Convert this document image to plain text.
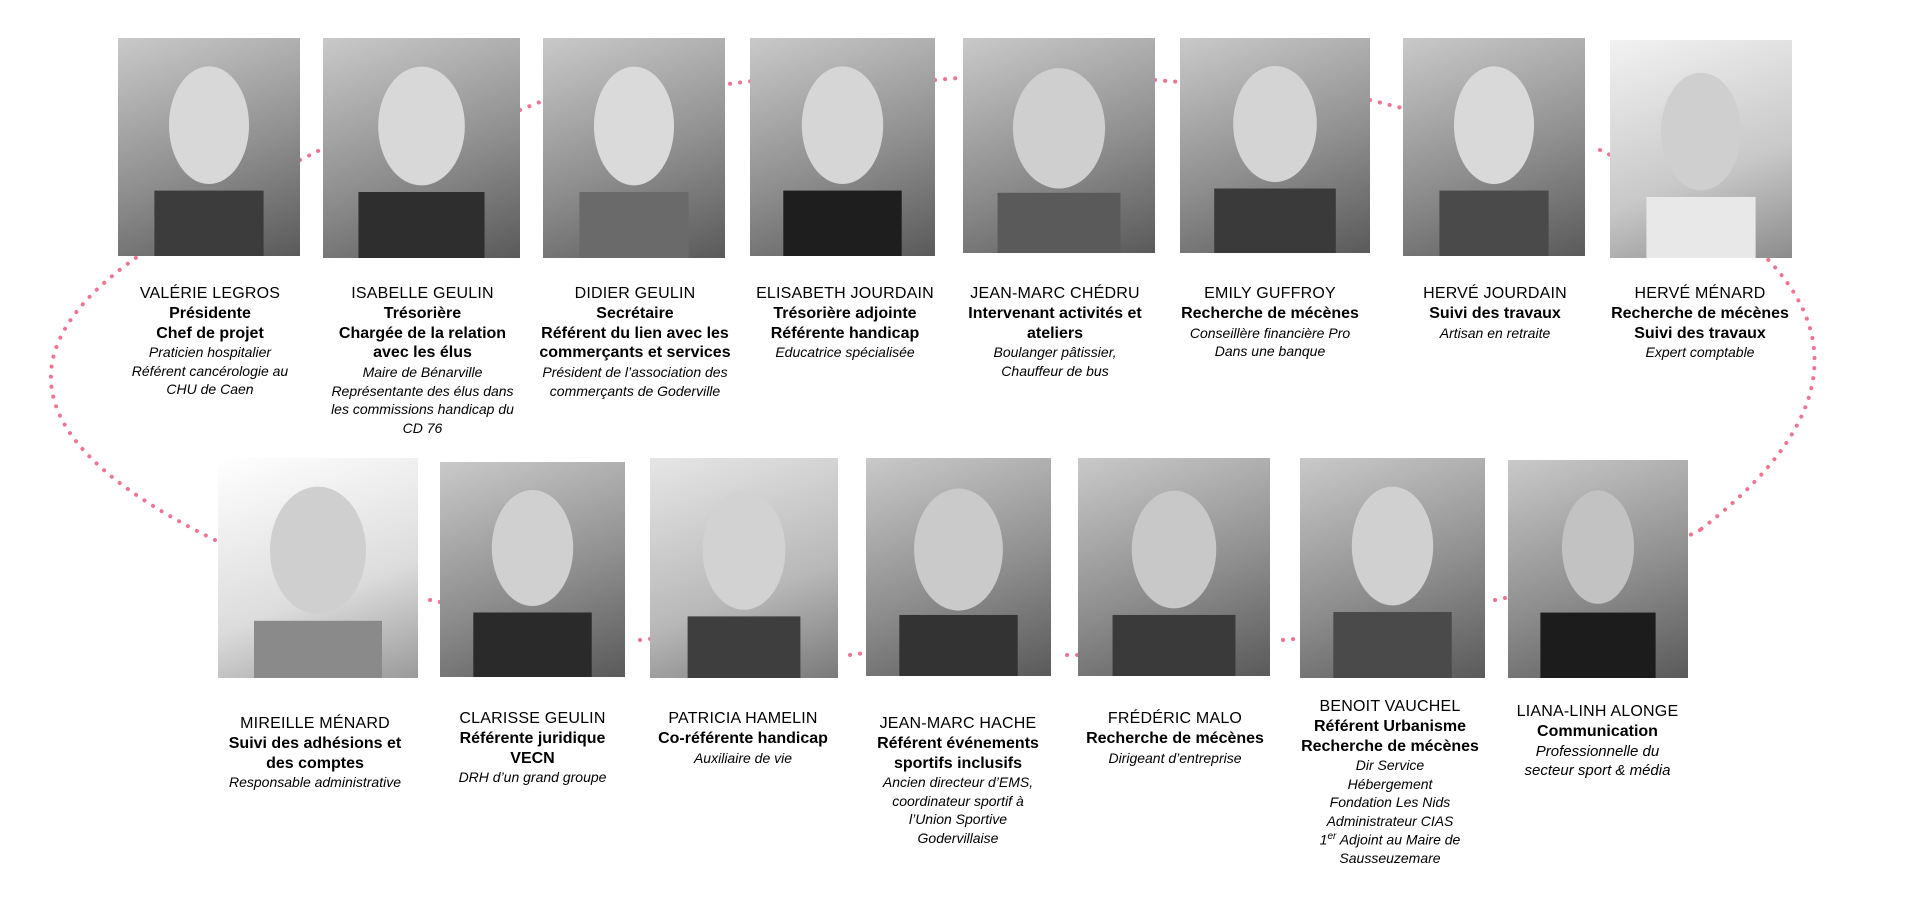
VALÉRIE LEGROS
Présidente
Chef de projet
Praticien hospitalier
Référent cancérologie au
CHU de Caen
ISABELLE GEULIN
Trésorière
Chargée de la relation
avec les élus
Maire de Bénarville
Représentante des élus dans
les commissions handicap du
CD 76
DIDIER GEULIN
Secrétaire
Référent du lien avec les
commerçants et services
Président de l’association des
commerçants de Goderville
ELISABETH JOURDAIN
Trésorière adjointe
Référente handicap
Educatrice spécialisée
JEAN-MARC CHÉDRU
Intervenant activités et
ateliers
Boulanger pâtissier,
Chauffeur de bus
EMILY GUFFROY
Recherche de mécènes
Conseillère financière Pro
Dans une banque
HERVÉ JOURDAIN
Suivi des travaux
Artisan en retraite
HERVÉ MÉNARD
Recherche de mécènes
Suivi des travaux
Expert comptable
MIREILLE MÉNARD
Suivi des adhésions et
des comptes
Responsable administrative
CLARISSE GEULIN
Référente juridique
VECN
DRH d’un grand groupe
PATRICIA HAMELIN
Co-référente handicap
Auxiliaire de vie
JEAN-MARC HACHE
Référent événements
sportifs inclusifs
Ancien directeur d’EMS,
coordinateur sportif à
l’Union Sportive
Godervillaise
FRÉDÉRIC MALO
Recherche de mécènes
Dirigeant d’entreprise
BENOIT VAUCHEL
Référent Urbanisme
Recherche de mécènes
Dir Service
Hébergement
Fondation Les Nids
Administrateur CIAS
1er Adjoint au Maire de
Sausseuzemare
LIANA-LINH ALONGE
Communication
Professionnelle du
secteur sport & média
